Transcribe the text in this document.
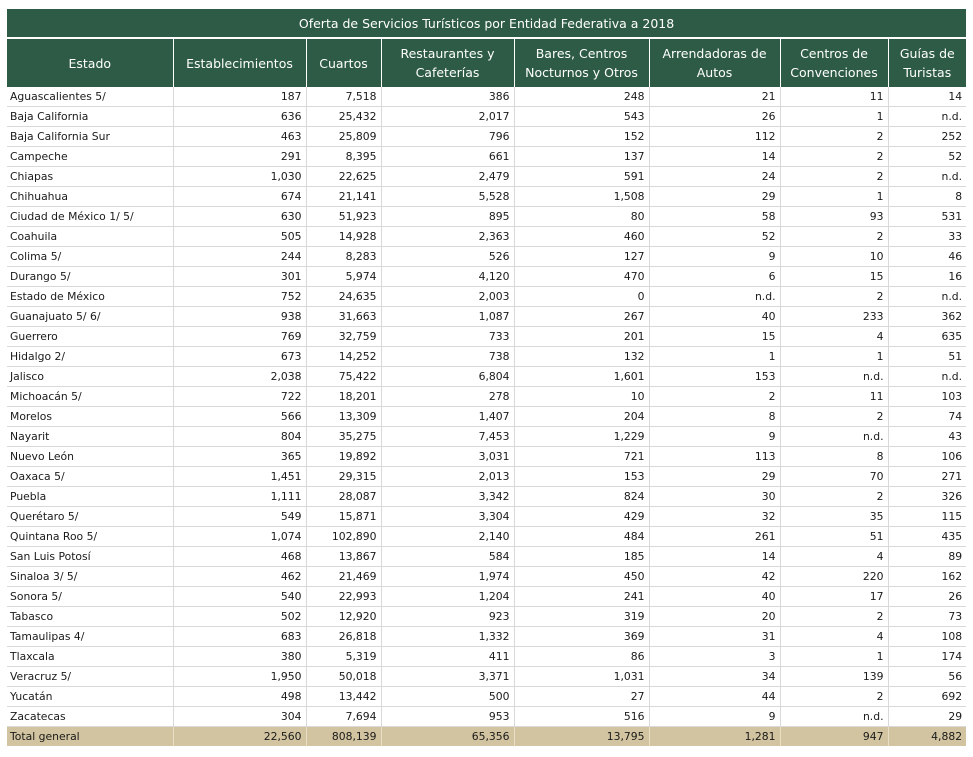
Oferta de Servicios Turísticos por Entidad Federativa a 2018							
Estado	Establecimientos	Cuartos	Restaurantes y Cafeterías	Bares, Centros Nocturnos y Otros	Arrendadoras de Autos	Centros de Convenciones	Guías de Turistas
Aguascalientes 5/	187	7,518	386	248	21	11	14
Baja California	636	25,432	2,017	543	26	1	n.d.
Baja California Sur	463	25,809	796	152	112	2	252
Campeche	291	8,395	661	137	14	2	52
Chiapas	1,030	22,625	2,479	591	24	2	n.d.
Chihuahua	674	21,141	5,528	1,508	29	1	8
Ciudad de México 1/ 5/	630	51,923	895	80	58	93	531
Coahuila	505	14,928	2,363	460	52	2	33
Colima 5/	244	8,283	526	127	9	10	46
Durango 5/	301	5,974	4,120	470	6	15	16
Estado de México	752	24,635	2,003	0	n.d.	2	n.d.
Guanajuato 5/ 6/	938	31,663	1,087	267	40	233	362
Guerrero	769	32,759	733	201	15	4	635
Hidalgo 2/	673	14,252	738	132	1	1	51
Jalisco	2,038	75,422	6,804	1,601	153	n.d.	n.d.
Michoacán 5/	722	18,201	278	10	2	11	103
Morelos	566	13,309	1,407	204	8	2	74
Nayarit	804	35,275	7,453	1,229	9	n.d.	43
Nuevo León	365	19,892	3,031	721	113	8	106
Oaxaca 5/	1,451	29,315	2,013	153	29	70	271
Puebla	1,111	28,087	3,342	824	30	2	326
Querétaro 5/	549	15,871	3,304	429	32	35	115
Quintana Roo 5/	1,074	102,890	2,140	484	261	51	435
San Luis Potosí	468	13,867	584	185	14	4	89
Sinaloa 3/ 5/	462	21,469	1,974	450	42	220	162
Sonora 5/	540	22,993	1,204	241	40	17	26
Tabasco	502	12,920	923	319	20	2	73
Tamaulipas 4/	683	26,818	1,332	369	31	4	108
Tlaxcala	380	5,319	411	86	3	1	174
Veracruz 5/	1,950	50,018	3,371	1,031	34	139	56
Yucatán	498	13,442	500	27	44	2	692
Zacatecas	304	7,694	953	516	9	n.d.	29
Total general	22,560	808,139	65,356	13,795	1,281	947	4,882
